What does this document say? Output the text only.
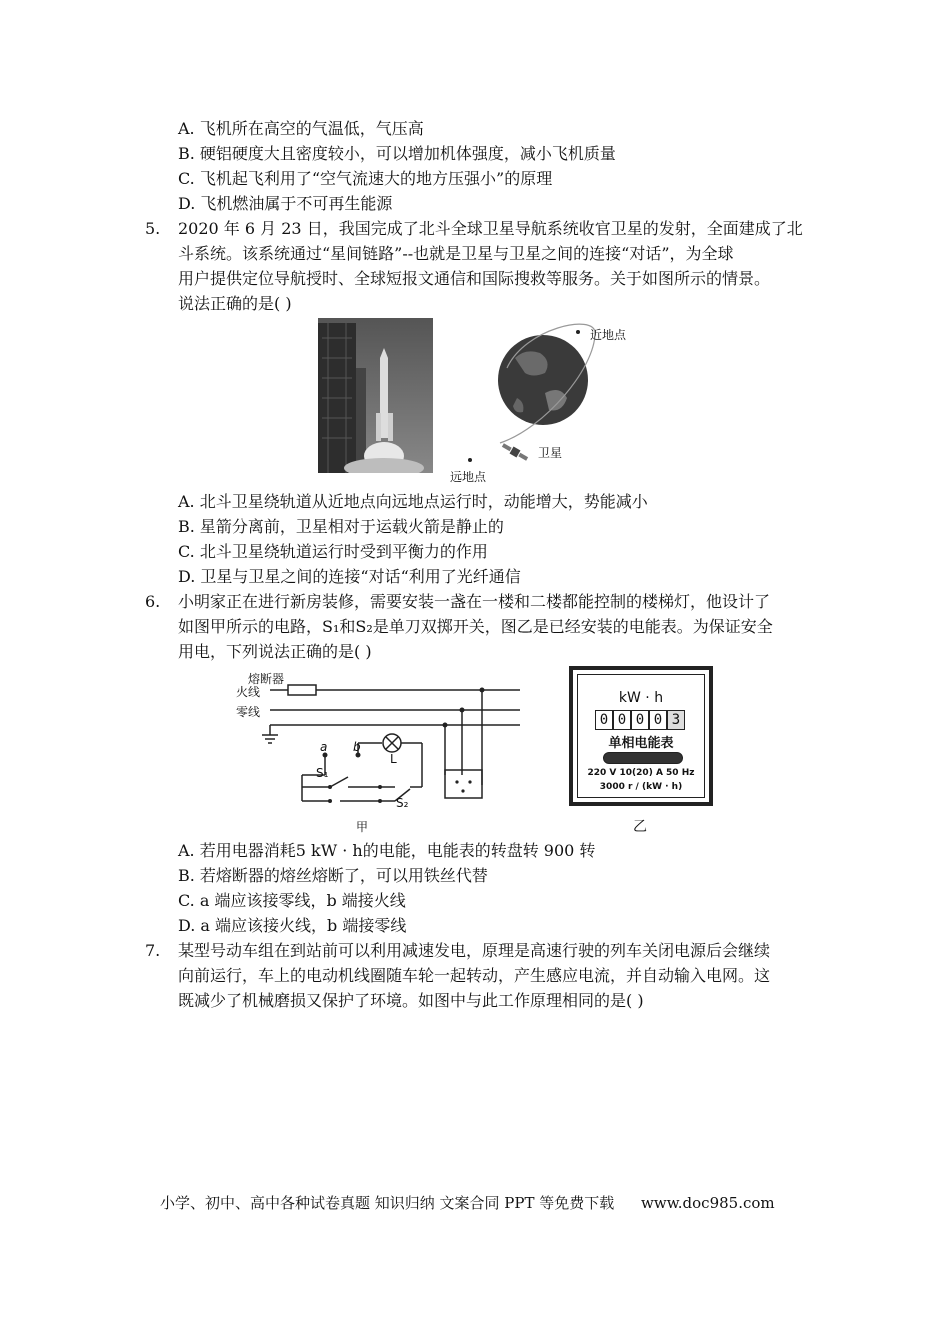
A. 飞机所在高空的气温低，气压高
B. 硬铝硬度大且密度较小，可以增加机体强度，减小飞机质量
C. 飞机起飞利用了“空气流速大的地方压强小”的原理
D. 飞机燃油属于不可再生能源
5. 2020 年 6 月 23 日，我国完成了北斗全球卫星导航系统收官卫星的发射，全面建成了北
斗系统。该系统通过“星间链路”--也就是卫星与卫星之间的连接“对话”，为全球
用户提供定位导航授时、全球短报文通信和国际搜救等服务。关于如图所示的情景。
说法正确的是( )
近地点
远地点
卫星
A. 北斗卫星绕轨道从近地点向远地点运行时，动能增大，势能减小
B. 星箭分离前，卫星相对于运载火箭是静止的
C. 北斗卫星绕轨道运行时受到平衡力的作用
D. 卫星与卫星之间的连接“对话“利用了光纤通信
6. 小明家正在进行新房装修，需要安装一盏在一楼和二楼都能控制的楼梯灯，他设计了
如图甲所示的电路，S₁和S₂是单刀双掷开关，图乙是已经安装的电能表。为保证安全
用电，下列说法正确的是( )
熔断器
火线
零线
a b
L
S₁
S₂
甲
kW · h
0 0 0 0 3
单相电能表
220 V 10(20) A 50 Hz
3000 r / (kW · h)
乙
A. 若用电器消耗5 kW · h的电能，电能表的转盘转 900 转
B. 若熔断器的熔丝熔断了，可以用铁丝代替
C. a 端应该接零线，b 端接火线
D. a 端应该接火线，b 端接零线
7. 某型号动车组在到站前可以利用减速发电，原理是高速行驶的列车关闭电源后会继续
向前运行，车上的电动机线圈随车轮一起转动，产生感应电流，并自动输入电网。这
既减少了机械磨损又保护了环境。如图中与此工作原理相同的是( )
小学、初中、高中各种试卷真题 知识归纳 文案合同 PPT 等免费下载 www.doc985.com
